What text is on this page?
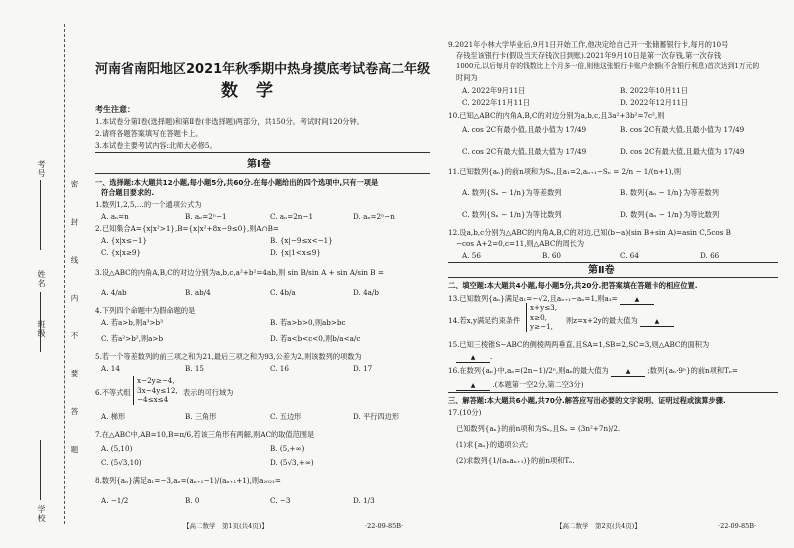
考号
姓名
班级
学校
密 封 线 内 不 要 答 题
河南省南阳地区2021年秋季期中热身摸底考试卷高二年级
数学
考生注意：
1.本试卷分第Ⅰ卷(选择题)和第Ⅱ卷(非选择题)两部分，共150分。考试时间120分钟。
2.请将各题答案填写在答题卡上。
3.本试卷主要考试内容:北师大必修5。
第Ⅰ卷
一、选择题:本大题共12小题,每小题5分,共60分.在每小题给出的四个选项中,只有一项是
符合题目要求的.
1.数列1,2,5,…的一个通项公式为
A. aₙ=n	B. aₙ=2ⁿ−1	C. aₙ=2n−1	D. aₙ=2ⁿ−n
2.已知集合A={x|x²>1},B={x|x²+8x−9≤0},则A∩B=
A. {x|x≤−1}	B. {x|−9≤x<−1}
C. {x|x≥9}	D. {x|1<x≤9}
3.设△ABC的内角A,B,C的对边分别为a,b,c,a²+b²=4ab,则 sin B/sin A + sin A/sin B =
A. 4/ab	B. ab/4	C. 4b/a	D. 4a/b
4.下列四个命题中为假命题的是
A. 若a>b,则a³>b³	B. 若a>b>0,则ab>bc
C. 若a²>b²,则a>b	D. 若a<b<c<0,则b/a<a/c
5.若一个等差数列的前三项之和为21,最后三项之和为93,公差为2,则该数列的项数为
A. 14	B. 15	C. 16	D. 17
6.不等式组
x−2y≥−4,
3x−4y≤12,
−4≤x≤4
表示的可行域为
A. 梯形	B. 三角形	C. 五边形	D. 平行四边形
7.在△ABC中,AB=10,B=π/6,若该三角形有两解,则AC的取值范围是
A. (5,10)	B. (5,+∞)
C. (5√3,10)	D. (5√3,+∞)
8.数列{aₙ}满足a₁=−3,aₙ=(aₙ₊₁−1)/(aₙ₊₁+1),则a₂₀₂₁=
A. −1/2	B. 0	C. −3	D. 1/3
【高二数学　第1页(共4页)】	·22-09-85B·
9.2021年小林大学毕业后,9月1日开始工作,他决定给自己开一张储蓄银行卡,每月的10号
存钱至该银行卡(假设当天存钱次日到账).2021年9月10日是第一次存钱,第一次存钱
1000元,以后每月存的钱数比上个月多一倍,则他这张银行卡账户余额(不含银行利息)首次达到1万元的
时间为
A. 2022年9月11日	B. 2022年10月11日
C. 2022年11月11日	D. 2022年12月11日
10.已知△ABC的内角A,B,C的对边分别为a,b,c,且3a²+3b²=7c²,则
A. cos 2C有最小值,且最小值为 17/49	B. cos 2C有最大值,且最小值为 17/49
C. cos 2C有最大值,且最大值为 17/49	D. cos 2C有最大值,且最大值为 17/49
11.已知数列{aₙ}的前n项和为Sₙ,且a₁=2,aₙ₊₁−Sₙ = 2/n − 1/(n+1),则
A. 数列{Sₙ − 1/n}为等差数列	B. 数列{aₙ − 1/n}为等差数列
C. 数列{Sₙ − 1/n}为等比数列	D. 数列{aₙ − 1/n}为等比数列
12.设a,b,c分别为△ABC的内角A,B,C的对边,已知(b−a)(sin B+sin A)=asin C,5cos B
−cos A+2=0,c=11,则△ABC的周长为
A. 56	B. 60	C. 64	D. 66
第Ⅱ卷
二、填空题:本大题共4小题,每小题5分,共20分.把答案填在答题卡的相应位置.
13.已知数列{aₙ}满足a₁=−√2,且aₙ₊₁−aₙ=1,则a₃=	▲
14.若x,y满足约束条件
x+y≤3,
x≥0,
y≥−1,
则z=x+2y的最大值为	▲
15.已知三棱锥S−ABC的侧棱两两垂直,且SA=1,SB=2,SC=3,则△ABC的面积为
▲ .
16.在数列{aₙ}中,aₙ=(2n−1)/2ⁿ,则aₙ的最大值为	▲ ;数列{aₙ·9ⁿ}的前n项和Tₙ=
▲ .(本题第一空2分,第二空3分)
三、解答题:本大题共6小题,共70分.解答应写出必要的文字说明、证明过程或演算步骤.
17.(10分)
已知数列{aₙ}的前n项和为Sₙ,且Sₙ = (3n²+7n)/2.
(1)求{aₙ}的通项公式;
(2)求数列{1/(aₙaₙ₊₁)}的前n项和Tₙ.
【高二数学　第2页(共4页)】	·22-09-85B·
